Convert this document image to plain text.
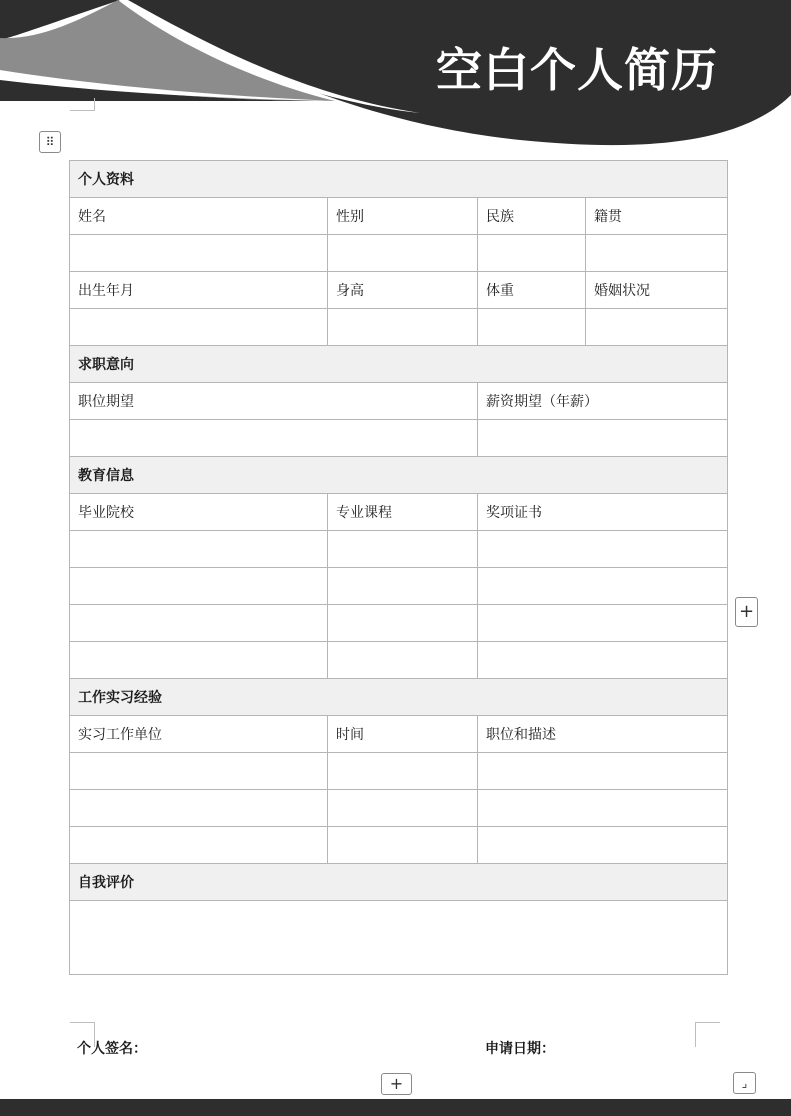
空白个人简历
⠿
个人资料			
姓名	性别	民族	籍贯

出生年月	身高	体重	婚姻状况

求职意向			
职位期望		薪资期望（年薪）	

教育信息			
毕业院校	专业课程	奖项证书	

工作实习经验			
实习工作单位	时间	职位和描述	

自我评价			

+
个人签名：	申请日期：
+	⌟
